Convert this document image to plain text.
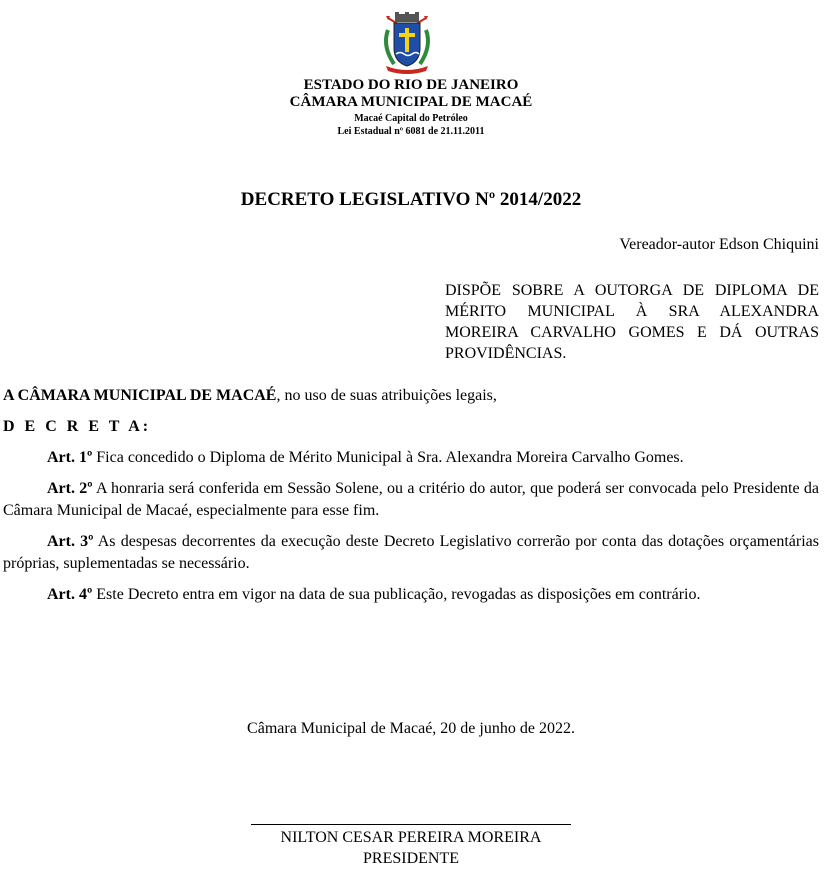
ESTADO DO RIO DE JANEIRO
CÂMARA MUNICIPAL DE MACAÉ
Macaé Capital do Petróleo
Lei Estadual nº 6081 de 21.11.2011
DECRETO LEGISLATIVO Nº 2014/2022
Vereador-autor Edson Chiquini
DISPÕE SOBRE A OUTORGA DE DIPLOMA DE MÉRITO MUNICIPAL À SRA ALEXANDRA MOREIRA CARVALHO GOMES E DÁ OUTRAS PROVIDÊNCIAS.

A CÂMARA MUNICIPAL DE MACAÉ, no uso de suas atribuições legais,

D E C R E T A:

Art. 1º Fica concedido o Diploma de Mérito Municipal à Sra. Alexandra Moreira Carvalho Gomes.

Art. 2º A honraria será conferida em Sessão Solene, ou a critério do autor, que poderá ser convocada pelo Presidente da Câmara Municipal de Macaé, especialmente para esse fim.

Art. 3º As despesas decorrentes da execução deste Decreto Legislativo correrão por conta das dotações orçamentárias próprias, suplementadas se necessário.

Art. 4º Este Decreto entra em vigor na data de sua publicação, revogadas as disposições em contrário.

Câmara Municipal de Macaé, 20 de junho de 2022.
NILTON CESAR PEREIRA MOREIRA
PRESIDENTE
